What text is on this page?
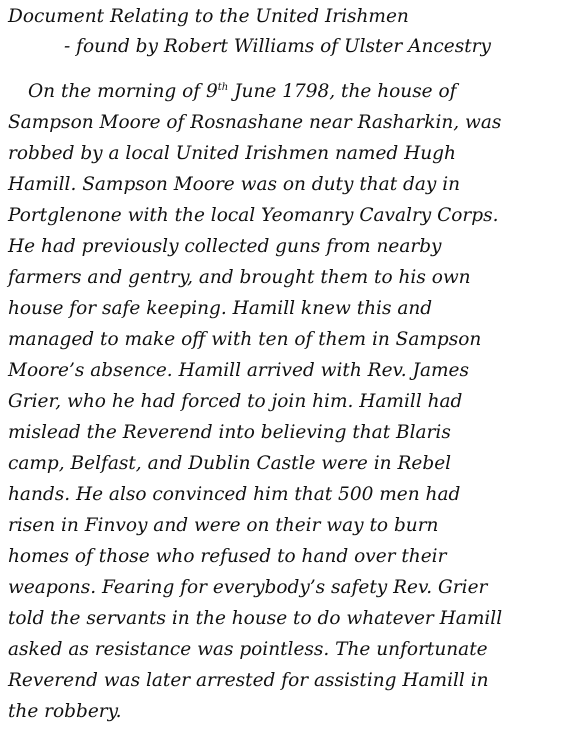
Document Relating to the United Irishmen

- found by Robert Williams of Ulster Ancestry

On the morning of 9th June 1798, the house of
Sampson Moore of Rosnashane near Rasharkin, was
robbed by a local United Irishmen named Hugh
Hamill. Sampson Moore was on duty that day in
Portglenone with the local Yeomanry Cavalry Corps.
He had previously collected guns from nearby
farmers and gentry, and brought them to his own
house for safe keeping. Hamill knew this and
managed to make off with ten of them in Sampson
Moore’s absence. Hamill arrived with Rev. James
Grier, who he had forced to join him. Hamill had
mislead the Reverend into believing that Blaris
camp, Belfast, and Dublin Castle were in Rebel
hands. He also convinced him that 500 men had
risen in Finvoy and were on their way to burn
homes of those who refused to hand over their
weapons. Fearing for everybody’s safety Rev. Grier
told the servants in the house to do whatever Hamill
asked as resistance was pointless. The unfortunate
Reverend was later arrested for assisting Hamill in
the robbery.
